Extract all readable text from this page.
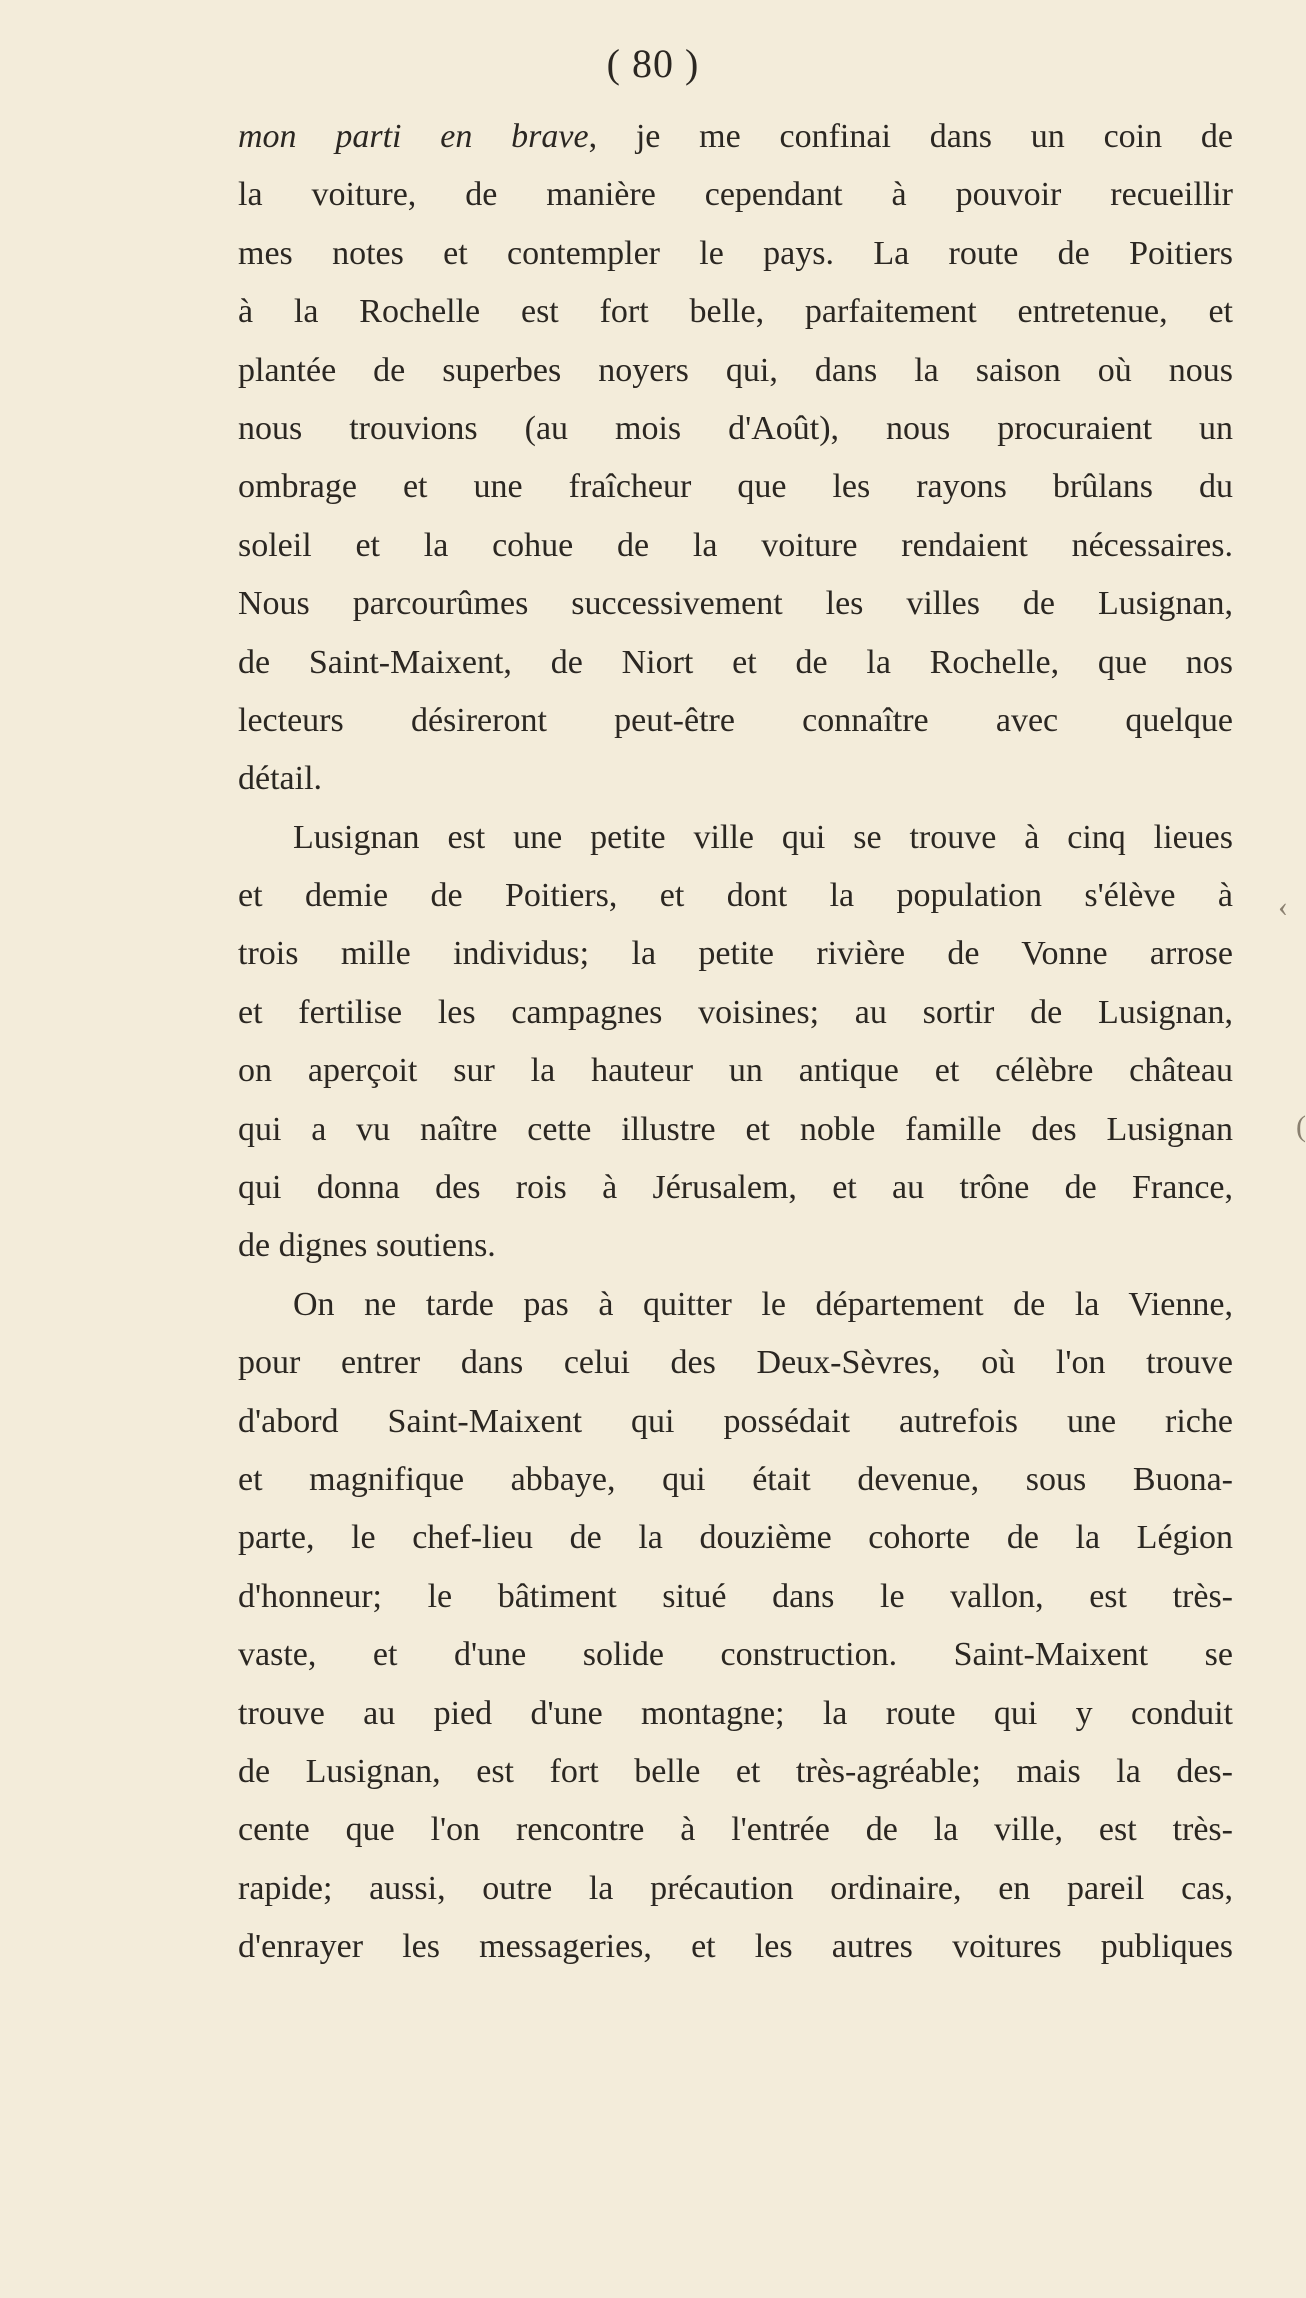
( 80 )
mon parti en brave, je me confinai dans un coin de
la voiture, de manière cependant à pouvoir recueillir
mes notes et contempler le pays. La route de Poitiers
à la Rochelle est fort belle, parfaitement entretenue, et
plantée de superbes noyers qui, dans la saison où nous
nous trouvions (au mois d'Août), nous procuraient un
ombrage et une fraîcheur que les rayons brûlans du
soleil et la cohue de la voiture rendaient nécessaires.
Nous parcourûmes successivement les villes de Lusignan,
de Saint-Maixent, de Niort et de la Rochelle, que nos
lecteurs désireront peut-être connaître avec quelque
détail.
Lusignan est une petite ville qui se trouve à cinq lieues
et demie de Poitiers, et dont la population s'élève à
trois mille individus; la petite rivière de Vonne arrose
et fertilise les campagnes voisines; au sortir de Lusignan,
on aperçoit sur la hauteur un antique et célèbre château
qui a vu naître cette illustre et noble famille des Lusignan
qui donna des rois à Jérusalem, et au trône de France,
de dignes soutiens.
On ne tarde pas à quitter le département de la Vienne,
pour entrer dans celui des Deux-Sèvres, où l'on trouve
d'abord Saint-Maixent qui possédait autrefois une riche
et magnifique abbaye, qui était devenue, sous Buona-
parte, le chef-lieu de la douzième cohorte de la Légion
d'honneur; le bâtiment situé dans le vallon, est très-
vaste, et d'une solide construction. Saint-Maixent se
trouve au pied d'une montagne; la route qui y conduit
de Lusignan, est fort belle et très-agréable; mais la des-
cente que l'on rencontre à l'entrée de la ville, est très-
rapide; aussi, outre la précaution ordinaire, en pareil cas,
d'enrayer les messageries, et les autres voitures publiques
‹
(
